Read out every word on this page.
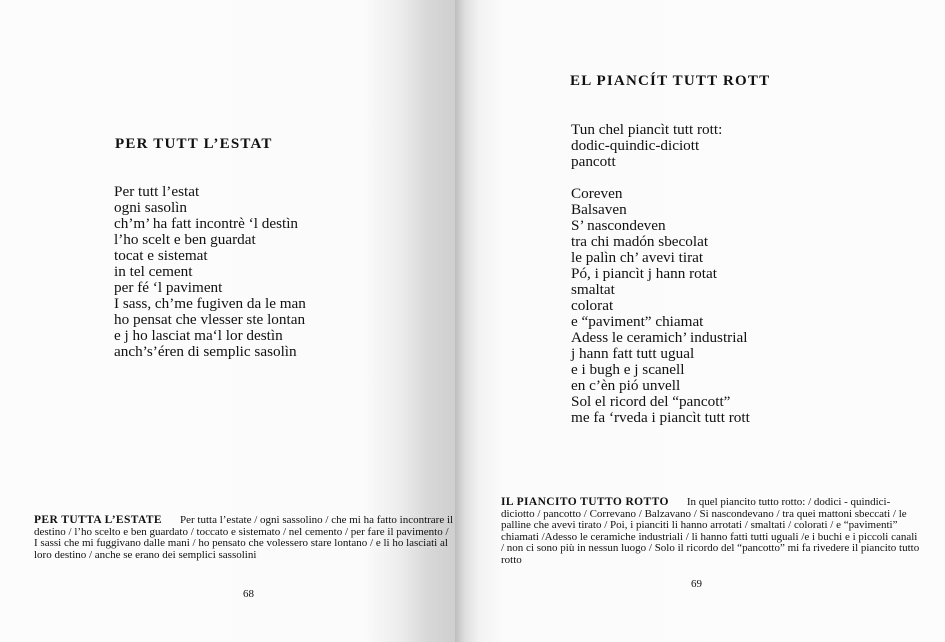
PER TUTT L’ESTAT
Per tutt l’estat
ogni sasolìn
ch’m’ ha fatt incontrè ‘l destìn
l’ho scelt e ben guardat
tocat e sistemat
in tel cement
per fé ‘l paviment
I sass, ch’me fugiven da le man
ho pensat che vlesser ste lontan
e j ho lasciat ma‘l lor destìn
anch’s’éren di semplic sasolìn
PER TUTTA L’ESTATE Per tutta l’estate / ogni sassolino / che mi ha fatto incontrare il destino / l’ho scelto e ben guardato / toccato e sistemato / nel cemento / per fare il pavimento / I sassi che mi fuggivano dalle mani / ho pensato che volessero stare lontano / e li ho lasciati al loro destino / anche se erano dei semplici sassolini
68
EL PIANCÍT TUTT ROTT
Tun chel piancìt tutt rott:
dodic-quindic-diciott
pancott
Coreven
Balsaven
S’ nascondeven
tra chi madón sbecolat
le palìn ch’ avevi tirat
Pó, i piancìt j hann rotat
smaltat
colorat
e “paviment” chiamat
Adess le ceramich’ industrial
j hann fatt tutt ugual
e i bugh e j scanell
en c’èn pió unvell
Sol el ricord del “pancott”
me fa ‘rveda i piancìt tutt rott
IL PIANCITO TUTTO ROTTO In quel piancito tutto rotto: / dodici - quindici- diciotto / pancotto / Correvano / Balzavano / Si nascondevano / tra quei mattoni sbeccati / le palline che avevi tirato / Poi, i pianciti li hanno arrotati / smaltati / colorati / e “pavimenti” chiamati /Adesso le ceramiche industriali / li hanno fatti tutti uguali /e i buchi e i piccoli canali / non ci sono più in nessun luogo / Solo il ricordo del “pancotto” mi fa rivedere il piancito tutto rotto
69
